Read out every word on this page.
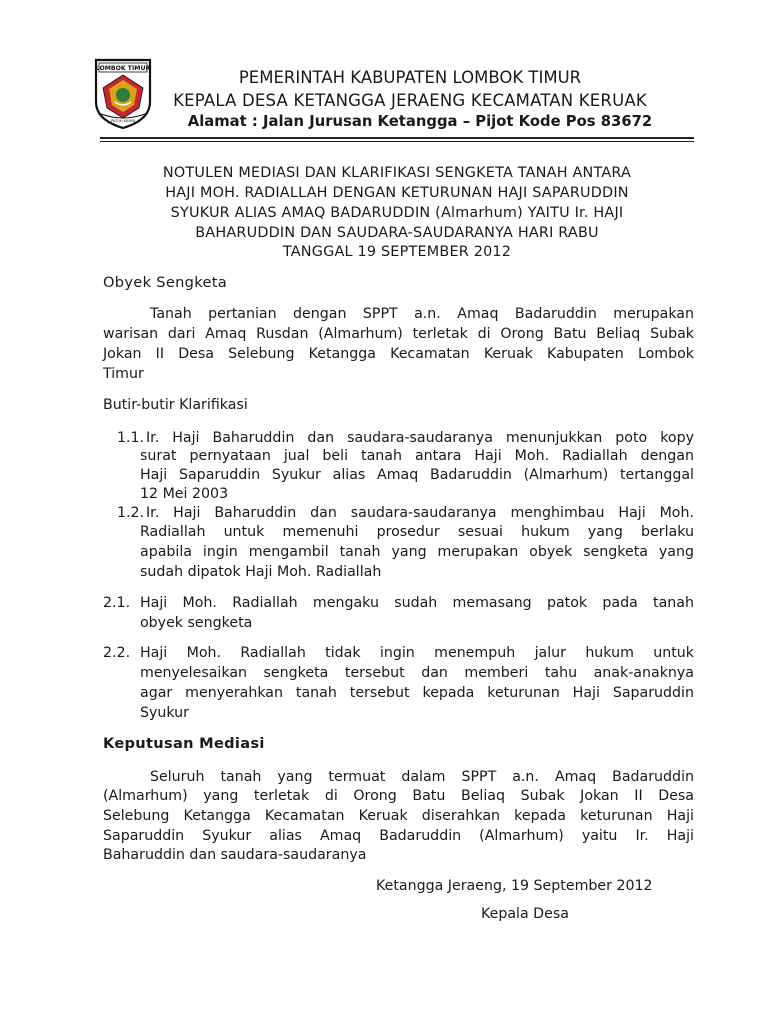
LOMBOK TIMUR
PATUH KARYA
PEMERINTAH KABUPATEN LOMBOK TIMUR
KEPALA DESA KETANGGA JERAENG KECAMATAN KERUAK
Alamat : Jalan Jurusan Ketangga – Pijot Kode Pos 83672
NOTULEN MEDIASI DAN KLARIFIKASI SENGKETA TANAH ANTARA
HAJI MOH. RADIALLAH DENGAN KETURUNAN HAJI SAPARUDDIN
SYUKUR ALIAS AMAQ BADARUDDIN (Almarhum) YAITU Ir. HAJI
BAHARUDDIN DAN SAUDARA-SAUDARANYA HARI RABU
TANGGAL 19 SEPTEMBER 2012
Obyek Sengketa
Tanah pertanian dengan SPPT a.n. Amaq Badaruddin merupakan
warisan dari Amaq Rusdan (Almarhum) terletak di Orong Batu Beliaq Subak
Jokan II Desa Selebung Ketangga Kecamatan Keruak Kabupaten Lombok
Timur
Butir-butir Klarifikasi
1.1. Ir. Haji Baharuddin dan saudara-saudaranya menunjukkan poto kopy
surat pernyataan jual beli tanah antara Haji Moh. Radiallah dengan
Haji Saparuddin Syukur alias Amaq Badaruddin (Almarhum) tertanggal
12 Mei 2003
1.2. Ir. Haji Baharuddin dan saudara-saudaranya menghimbau Haji Moh.
Radiallah untuk memenuhi prosedur sesuai hukum yang berlaku
apabila ingin mengambil tanah yang merupakan obyek sengketa yang
sudah dipatok Haji Moh. Radiallah
2.1. Haji Moh. Radiallah mengaku sudah memasang patok pada tanah
obyek sengketa
2.2. Haji Moh. Radiallah tidak ingin menempuh jalur hukum untuk
menyelesaikan sengketa tersebut dan memberi tahu anak-anaknya
agar menyerahkan tanah tersebut kepada keturunan Haji Saparuddin
Syukur
Keputusan Mediasi
Seluruh tanah yang termuat dalam SPPT a.n. Amaq Badaruddin
(Almarhum) yang terletak di Orong Batu Beliaq Subak Jokan II Desa
Selebung Ketangga Kecamatan Keruak diserahkan kepada keturunan Haji
Saparuddin Syukur alias Amaq Badaruddin (Almarhum) yaitu Ir. Haji
Baharuddin dan saudara-saudaranya
Ketangga Jeraeng, 19 September 2012
Kepala Desa
